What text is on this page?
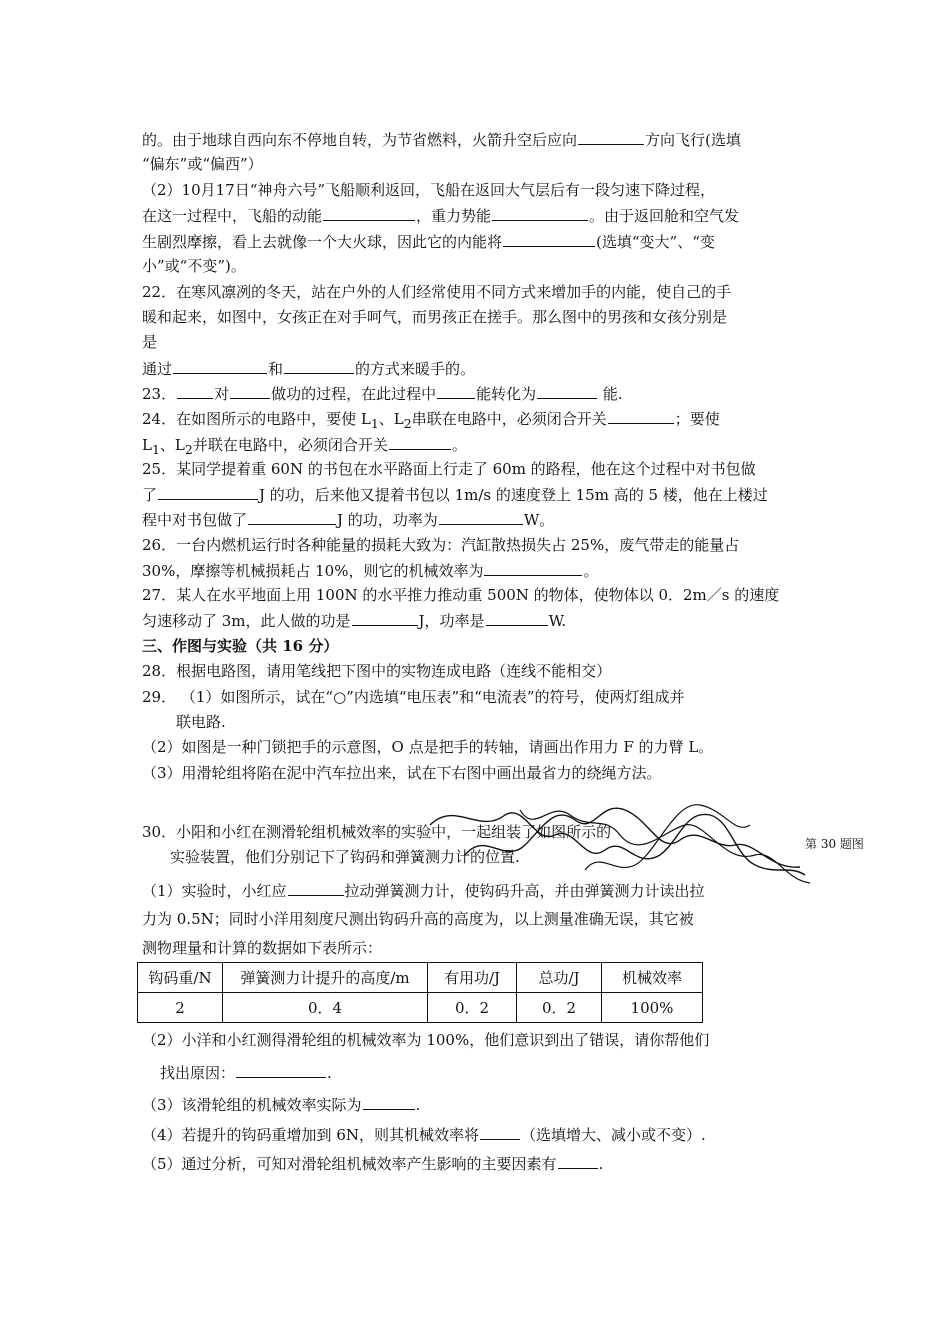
的。由于地球自西向东不停地自转，为节省燃料，火箭升空后应向	方向飞行(选填
“偏东”或“偏西”）
（2）10月17日“神舟六号”飞船顺利返回，飞船在返回大气层后有一段匀速下降过程，
在这一过程中，飞船的动能	，重力势能	。由于返回舱和空气发
生剧烈摩擦，看上去就像一个大火球，因此它的内能将	(选填“变大”、“变
小”或“不变”)。
22．在寒风凛冽的冬天，站在户外的人们经常使用不同方式来增加手的内能，使自己的手
暖和起来，如图中，女孩正在对手呵气，而男孩正在搓手。那么图中的男孩和女孩分别是
是
通过	和	的方式来暖手的。
23．	对	做功的过程，在此过程中	能转化为	能.
24．在如图所示的电路中，要使 $L_1$、$L_2$串联在电路中，必须闭合开关	；要使
$L_1$、$L_2$并联在电路中，必须闭合开关	。
25．某同学提着重 60N 的书包在水平路面上行走了 60m 的路程，他在这个过程中对书包做
了	J 的功，后来他又提着书包以 1m/s 的速度登上 15m 高的 5 楼，他在上楼过
程中对书包做了	J 的功，功率为	W。
26．一台内燃机运行时各种能量的损耗大致为：汽缸散热损失占 25%，废气带走的能量占
30%，摩擦等机械损耗占 10%，则它的机械效率为	。
27．某人在水平地面上用 100N 的水平推力推动重 500N 的物体，使物体以 0．2m／s 的速度
匀速移动了 3m，此人做的功是	J，功率是	W.
三、作图与实验（共 16 分）
28．根据电路图，请用笔线把下图中的实物连成电路（连线不能相交）
29． （1）如图所示，试在“○”内选填“电压表”和“电流表”的符号，使两灯组成并
联电路.
（2）如图是一种门锁把手的示意图，O 点是把手的转轴，请画出作用力 F 的力臂 L。
（3）用滑轮组将陷在泥中汽车拉出来，试在下右图中画出最省力的绕绳方法。
30．小阳和小红在测滑轮组机械效率的实验中，一起组装了如图所示的
实验装置，他们分别记下了钩码和弹簧测力计的位置.
第 30 题图
（1）实验时，小红应	拉动弹簧测力计，使钩码升高，并由弹簧测力计读出拉
力为 0.5N；同时小洋用刻度尺测出钩码升高的高度为，以上测量准确无误，其它被
测物理量和计算的数据如下表所示：
钩码重/N	弹簧测力计提升的高度/m	有用功/J	总功/J	机械效率
2	0．4	0．2	0．2	100%
（2）小洋和小红测得滑轮组的机械效率为 100%，他们意识到出了错误，请你帮他们
找出原因：	.
（3）该滑轮组的机械效率实际为	.
（4）若提升的钩码重增加到 6N，则其机械效率将	（选填增大、减小或不变）.
（5）通过分析，可知对滑轮组机械效率产生影响的主要因素有	.
